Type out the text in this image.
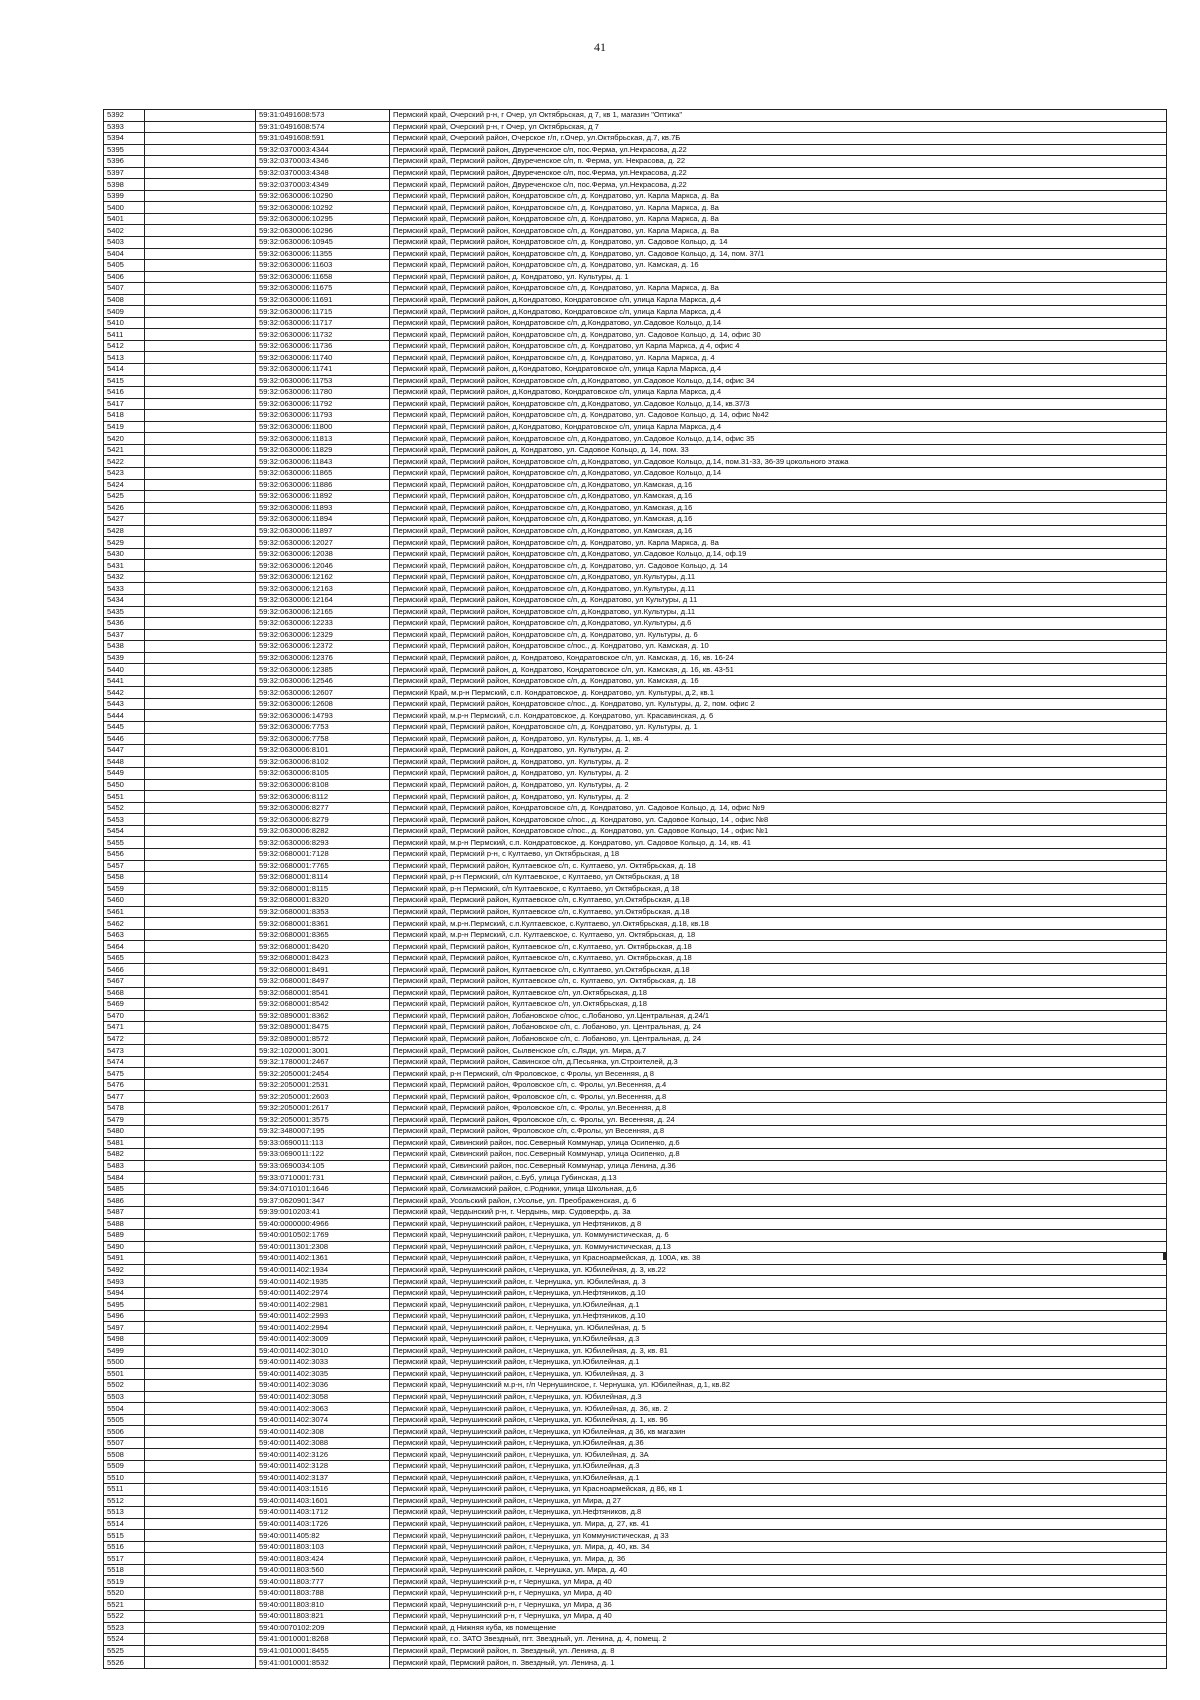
41
5392		59:31:0491608:573	Пермский край, Очерский р-н, г Очер, ул Октябрьская, д 7, кв 1, магазин "Оптика"
5393		59:31:0491608:574	Пермский край, Очерский р-н, г Очер, ул Октябрьская, д 7
5394		59:31:0491608:591	Пермский край, Очерский район, Очерское г/п, г.Очер, ул.Октябрьская, д.7, кв.7Б
5395		59:32:0370003:4344	Пермский край, Пермский район, Двуреченское с/п, пос.Ферма, ул.Некрасова, д.22
5396		59:32:0370003:4346	Пермский край, Пермский район, Двуреченское с/п, п. Ферма, ул. Некрасова, д. 22
5397		59:32:0370003:4348	Пермский край, Пермский район, Двуреченское с/п, пос.Ферма, ул.Некрасова, д.22
5398		59:32:0370003:4349	Пермский край, Пермский район, Двуреченское с/п, пос.Ферма, ул.Некрасова, д.22
5399		59:32:0630006:10290	Пермский край, Пермский район, Кондратовское с/п, д. Кондратово, ул. Карла Маркса, д. 8а
5400		59:32:0630006:10292	Пермский край, Пермский район, Кондратовское с/п, д. Кондратово, ул. Карла Маркса, д. 8а
5401		59:32:0630006:10295	Пермский край, Пермский район, Кондратовское с/п, д. Кондратово, ул. Карла Маркса, д. 8а
5402		59:32:0630006:10296	Пермский край, Пермский район, Кондратовское с/п, д. Кондратово, ул. Карла Маркса, д. 8а
5403		59:32:0630006:10945	Пермский край, Пермский район, Кондратовское с/п, д. Кондратово, ул. Садовое Кольцо, д. 14
5404		59:32:0630006:11355	Пермский край, Пермский район, Кондратовское с/п, д. Кондратово, ул. Садовое Кольцо, д. 14, пом. 37/1
5405		59:32:0630006:11603	Пермский край, Пермский район, Кондратовское с/п, д. Кондратово, ул. Камская, д. 16
5406		59:32:0630006:11658	Пермский край, Пермский район, д. Кондратово, ул. Культуры, д. 1
5407		59:32:0630006:11675	Пермский край, Пермский район, Кондратовское с/п, д. Кондратово, ул. Карла Маркса, д. 8а
5408		59:32:0630006:11691	Пермский край, Пермский район, д.Кондратово, Кондратовское с/п, улица Карла Маркса, д.4
5409		59:32:0630006:11715	Пермский край, Пермский район, д.Кондратово, Кондратовское с/п, улица Карла Маркса, д.4
5410		59:32:0630006:11717	Пермский край, Пермский район, Кондратовское с/п, д.Кондратово, ул.Садовое Кольцо, д.14
5411		59:32:0630006:11732	Пермский край, Пермский район, Кондратовское с/п, д. Кондратово, ул. Садовое Кольцо, д. 14, офис 30
5412		59:32:0630006:11736	Пермский край, Пермский район, Кондратовское с/п, д. Кондратово, ул Карла Маркса, д 4, офис 4
5413		59:32:0630006:11740	Пермский край, Пермский район, Кондратовское с/п, д. Кондратово, ул. Карла Маркса, д. 4
5414		59:32:0630006:11741	Пермский край, Пермский район, д.Кондратово, Кондратовское с/п, улица Карла Маркса, д.4
5415		59:32:0630006:11753	Пермский край, Пермский район, Кондратовское с/п, д.Кондратово, ул.Садовое Кольцо, д.14, офис 34
5416		59:32:0630006:11780	Пермский край, Пермский район, д.Кондратово, Кондратовское с/п, улица Карла Маркса, д.4
5417		59:32:0630006:11792	Пермский край, Пермский район, Кондратовское с/п, д.Кондратово, ул.Садовое Кольцо, д.14, кв.37/3
5418		59:32:0630006:11793	Пермский край, Пермский район, Кондратовское с/п, д. Кондратово, ул. Садовое Кольцо, д. 14, офис №42
5419		59:32:0630006:11800	Пермский край, Пермский район, д.Кондратово, Кондратовское с/п, улица Карла Маркса, д.4
5420		59:32:0630006:11813	Пермский край, Пермский район, Кондратовское с/п, д.Кондратово, ул.Садовое Кольцо, д.14, офис 35
5421		59:32:0630006:11829	Пермский край, Пермский район, д. Кондратово, ул. Садовое Кольцо, д. 14, пом. 33
5422		59:32:0630006:11843	Пермский край, Пермский район, Кондратовское с/п, д.Кондратово, ул.Садовое Кольцо, д.14, пом.31-33, 36-39 цокольного этажа
5423		59:32:0630006:11865	Пермский край, Пермский район, Кондратовское с/п, д.Кондратово, ул.Садовое Кольцо, д.14
5424		59:32:0630006:11886	Пермский край, Пермский район, Кондратовское с/п, д.Кондратово, ул.Камская, д.16
5425		59:32:0630006:11892	Пермский край, Пермский район, Кондратовское с/п, д.Кондратово, ул.Камская, д.16
5426		59:32:0630006:11893	Пермский край, Пермский район, Кондратовское с/п, д.Кондратово, ул.Камская, д.16
5427		59:32:0630006:11894	Пермский край, Пермский район, Кондратовское с/п, д.Кондратово, ул.Камская, д.16
5428		59:32:0630006:11897	Пермский край, Пермский район, Кондратовское с/п, д.Кондратово, ул.Камская, д.16
5429		59:32:0630006:12027	Пермский край, Пермский район, Кондратовское с/п, д. Кондратово, ул. Карла Маркса, д. 8а
5430		59:32:0630006:12038	Пермский край, Пермский район, Кондратовское с/п, д.Кондратово, ул.Садовое Кольцо, д.14, оф.19
5431		59:32:0630006:12046	Пермский край, Пермский район, Кондратовское с/п, д. Кондратово, ул. Садовое Кольцо, д. 14
5432		59:32:0630006:12162	Пермский край, Пермский район, Кондратовское с/п, д.Кондратово, ул.Культуры, д.11
5433		59:32:0630006:12163	Пермский край, Пермский район, Кондратовское с/п, д.Кондратово, ул.Культуры, д.11
5434		59:32:0630006:12164	Пермский край, Пермский район, Кондратовское с/п, д. Кондратово, ул Культуры, д 11
5435		59:32:0630006:12165	Пермский край, Пермский район, Кондратовское с/п, д.Кондратово, ул.Культуры, д.11
5436		59:32:0630006:12233	Пермский край, Пермский район, Кондратовское с/п, д.Кондратово, ул.Культуры, д.6
5437		59:32:0630006:12329	Пермский край, Пермский район, Кондратовское с/п, д. Кондратово, ул. Культуры, д. 6
5438		59:32:0630006:12372	Пермский край, Пермский район, Кондратовское с/пос., д. Кондратово, ул. Камская, д. 10
5439		59:32:0630006:12376	Пермский край, Пермский район, д. Кондратово, Кондратовское с/п, ул. Камская, д. 16, кв. 16-24
5440		59:32:0630006:12385	Пермский край, Пермский район, д. Кондратово, Кондратовское с/п, ул. Камская, д. 16, кв. 43-51
5441		59:32:0630006:12546	Пермский край, Пермский район, Кондратовское с/п, д. Кондратово, ул. Камская, д. 16
5442		59:32:0630006:12607	Пермский Край, м.р-н Пермский, с.п. Кондратовское, д. Кондратово, ул. Культуры, д.2, кв.1
5443		59:32:0630006:12608	Пермский край, Пермский район, Кондратовское с/пос., д. Кондратово, ул. Культуры, д. 2, пом. офис 2
5444		59:32:0630006:14793	Пермский край, м.р-н Пермский, с.п. Кондратовское, д. Кондратово, ул. Красавинская, д. 6
5445		59:32:0630006:7753	Пермский край, Пермский район, Кондратовское с/п, д. Кондратово, ул. Культуры, д. 1
5446		59:32:0630006:7758	Пермский край, Пермский район, д. Кондратово, ул. Культуры, д. 1, кв. 4
5447		59:32:0630006:8101	Пермский край, Пермский район, д. Кондратово, ул. Культуры, д. 2
5448		59:32:0630006:8102	Пермский край, Пермский район, д. Кондратово, ул. Культуры, д. 2
5449		59:32:0630006:8105	Пермский край, Пермский район, д. Кондратово, ул. Культуры, д. 2
5450		59:32:0630006:8108	Пермский край, Пермский район, д. Кондратово, ул. Культуры, д. 2
5451		59:32:0630006:8112	Пермский край, Пермский район, д. Кондратово, ул. Культуры, д. 2
5452		59:32:0630006:8277	Пермский край, Пермский район, Кондратовское с/п, д. Кондратово, ул. Садовое Кольцо, д. 14, офис №9
5453		59:32:0630006:8279	Пермский край, Пермский район, Кондратовское с/пос., д. Кондратово, ул. Садовое Кольцо, 14 , офис №8
5454		59:32:0630006:8282	Пермский край, Пермский район, Кондратовское с/пос., д. Кондратово, ул. Садовое Кольцо, 14 , офис №1
5455		59:32:0630006:8293	Пермский край, м.р-н Пермский, с.п. Кондратовское, д. Кондратово, ул. Садовое Кольцо, д. 14, кв. 41
5456		59:32:0680001:7128	Пермский край, Пермский р-н, с Култаево, ул Октябрьская, д 18
5457		59:32:0680001:7765	Пермский край, Пермский район, Култаевское с/п, с. Култаево, ул. Октябрьская, д. 18
5458		59:32:0680001:8114	Пермский край, р-н Пермский, с/п Култаевское, с Култаево, ул Октябрьская, д 18
5459		59:32:0680001:8115	Пермский край, р-н Пермский, с/п Култаевское, с Култаево, ул Октябрьская, д 18
5460		59:32:0680001:8320	Пермский край, Пермский район, Култаевское с/п, с.Култаево, ул.Октябрьская, д.18
5461		59:32:0680001:8353	Пермский край, Пермский район, Култаевское с/п, с.Култаево, ул.Октябрьская, д.18
5462		59:32:0680001:8361	Пермский край, м.р-н.Пермский, с.п.Култаевское, с.Култаево, ул.Октябрьская, д.18, кв.18
5463		59:32:0680001:8365	Пермский край, м.р-н Пермский, с.п. Култаевское, с. Култаево, ул. Октябрьская, д. 18
5464		59:32:0680001:8420	Пермский край, Пермский район, Култаевское с/п, с.Култаево, ул. Октябрьская, д.18
5465		59:32:0680001:8423	Пермский край, Пермский район, Култаевское с/п, с.Култаево, ул. Октябрьская, д.18
5466		59:32:0680001:8491	Пермский край, Пермский район, Култаевское с/п, с.Култаево, ул.Октябрьская, д.18
5467		59:32:0680001:8497	Пермский край, Пермский район, Култаевское с/п, с. Култаево, ул. Октябрьская, д. 18
5468		59:32:0680001:8541	Пермский край, Пермский район, Култаевское с/п, ул.Октябрьская, д.18
5469		59:32:0680001:8542	Пермский край, Пермский район, Култаевское с/п, ул.Октябрьская, д.18
5470		59:32:0890001:8362	Пермский край, Пермский район, Лобановское с/пос, с.Лобаново, ул.Центральная, д.24/1
5471		59:32:0890001:8475	Пермский край, Пермский район, Лобановское с/п, с. Лобаново, ул. Центральная, д. 24
5472		59:32:0890001:8572	Пермский край, Пермский район, Лобановское с/п, с. Лобаново, ул. Центральная, д. 24
5473		59:32:1020001:3001	Пермский край, Пермский район, Сылвенское с/п, с.Ляди, ул. Мира, д.7
5474		59:32:1780001:2467	Пермский край, Пермский район, Савинское с/п, д.Песьянка, ул.Строителей, д.3
5475		59:32:2050001:2454	Пермский край, р-н Пермский, с/п Фроловское, с Фролы, ул Весенняя, д 8
5476		59:32:2050001:2531	Пермский край, Пермский район, Фроловское с/п, с. Фролы, ул.Весенняя, д.4
5477		59:32:2050001:2603	Пермский край, Пермский район, Фроловское с/п, с. Фролы, ул.Весенняя, д.8
5478		59:32:2050001:2617	Пермский край, Пермский район, Фроловское с/п, с. Фролы, ул.Весенняя, д.8
5479		59:32:2050001:3575	Пермский край, Пермский район, Фроловское с/п, с. Фролы, ул. Весенняя, д. 24
5480		59:32:3480007:195	Пермский край, Пермский район, Фроловское с/п, с.Фролы, ул Весенняя, д.8
5481		59:33:0690011:113	Пермский край, Сивинский район, пос.Северный Коммунар, улица Осипенко, д.6
5482		59:33:0690011:122	Пермский край, Сивинский район, пос.Северный Коммунар, улица Осипенко, д.8
5483		59:33:0690034:105	Пермский край, Сивинский район, пос.Северный Коммунар, улица Ленина, д.36
5484		59:33:0710001:731	Пермский край, Сивинский район, с.Буб, улица Губинская, д.13
5485		59:34:0710101:1646	Пермский край, Соликамский район, с.Родники, улица Школьная, д.6
5486		59:37:0620901:347	Пермский край, Усольский район, г.Усолье, ул. Преображенская, д. 6
5487		59:39:0010203:41	Пермский край, Чердынский р-н, г. Чердынь, мкр. Судоверфь, д. 3а
5488		59:40:0000000:4966	Пермский край, Чернушинский район, г.Чернушка, ул Нефтяников, д 8
5489		59:40:0010502:1769	Пермский край, Чернушинский район, г.Чернушка, ул. Коммунистическая, д. 6
5490		59:40:0011301:2308	Пермский край, Чернушинский район, г.Чернушка, ул. Коммунистическая, д.13
5491		59:40:0011402:1361	Пермский край, Чернушинский район, г.Чернушка, ул Красноармейская, д. 100А, кв. 38
5492		59:40:0011402:1934	Пермский край, Чернушинский район, г.Чернушка, ул. Юбилейная, д. 3, кв.22
5493		59:40:0011402:1935	Пермский край, Чернушинский район, г. Чернушка, ул. Юбилейная, д. 3
5494		59:40:0011402:2974	Пермский край, Чернушинский район, г.Чернушка, ул.Нефтяников, д.10
5495		59:40:0011402:2981	Пермский край, Чернушинский район, г.Чернушка, ул.Юбилейная, д.1
5496		59:40:0011402:2993	Пермский край, Чернушинский район, г.Чернушка, ул.Нефтяников, д.10
5497		59:40:0011402:2994	Пермский край, Чернушинский район, г. Чернушка, ул. Юбилейная, д. 5
5498		59:40:0011402:3009	Пермский край, Чернушинский район, г.Чернушка, ул.Юбилейная, д.3
5499		59:40:0011402:3010	Пермский край, Чернушинский район, г.Чернушка, ул. Юбилейная, д. 3, кв. 81
5500		59:40:0011402:3033	Пермский край, Чернушинский район, г.Чернушка, ул.Юбилейная, д.1
5501		59:40:0011402:3035	Пермский край, Чернушинский район, г.Чернушка, ул. Юбилейная, д. 3
5502		59:40:0011402:3036	Пермский край, Чернушинский м.р-н, г/п Чернушинское, г. Чернушка, ул. Юбилейная, д.1, кв.82
5503		59:40:0011402:3058	Пермский край, Чернушинский район, г.Чернушка, ул. Юбилейная, д.3
5504		59:40:0011402:3063	Пермский край, Чернушинский район, г.Чернушка, ул. Юбилейная, д. 36, кв. 2
5505		59:40:0011402:3074	Пермский край, Чернушинский район, г.Чернушка, ул. Юбилейная, д. 1, кв. 96
5506		59:40:0011402:308	Пермский край, Чернушинский район, г.Чернушка, ул Юбилейная, д 36, кв магазин
5507		59:40:0011402:3088	Пермский край, Чернушинский район, г.Чернушка, ул.Юбилейная, д.36
5508		59:40:0011402:3126	Пермский край, Чернушинский район, г.Чернушка, ул. Юбилейная, д. 3А
5509		59:40:0011402:3128	Пермский край, Чернушинский район, г.Чернушка, ул.Юбилейная, д.3
5510		59:40:0011402:3137	Пермский край, Чернушинский район, г.Чернушка, ул.Юбилейная, д.1
5511		59:40:0011403:1516	Пермский край, Чернушинский район, г.Чернушка, ул Красноармейская, д 86, кв 1
5512		59:40:0011403:1601	Пермский край, Чернушинский район, г.Чернушка, ул Мира, д 27
5513		59:40:0011403:1712	Пермский край, Чернушинский район, г.Чернушка, ул.Нефтяников, д.8
5514		59:40:0011403:1726	Пермский край, Чернушинский район, г.Чернушка, ул. Мира, д. 27, кв. 41
5515		59:40:0011405:82	Пермский край, Чернушинский район, г.Чернушка, ул Коммунистическая, д 33
5516		59:40:0011803:103	Пермский край, Чернушинский район, г.Чернушка, ул. Мира, д. 40, кв. 34
5517		59:40:0011803:424	Пермский край, Чернушинский район, г.Чернушка, ул. Мира, д. 36
5518		59:40:0011803:560	Пермский край, Чернушинский район, г. Чернушка, ул. Мира, д. 40
5519		59:40:0011803:777	Пермский край, Чернушинский р-н, г Чернушка, ул Мира, д 40
5520		59:40:0011803:788	Пермский край, Чернушинский р-н, г Чернушка, ул Мира, д 40
5521		59:40:0011803:810	Пермский край, Чернушинский р-н, г Чернушка, ул Мира, д 36
5522		59:40:0011803:821	Пермский край, Чернушинский р-н, г Чернушка, ул Мира, д 40
5523		59:40:0070102:209	Пермский край, д Нижняя куба, кв помещение
5524		59:41:0010001:8268	Пермский край, г.о. ЗАТО Звездный, пгт. Звездный, ул. Ленина, д. 4, помещ. 2
5525		59:41:0010001:8455	Пермский край, Пермский район, п. Звездный, ул. Ленина, д. 8
5526		59:41:0010001:8532	Пермский край, Пермский район, п. Звездный, ул. Ленина, д. 1
